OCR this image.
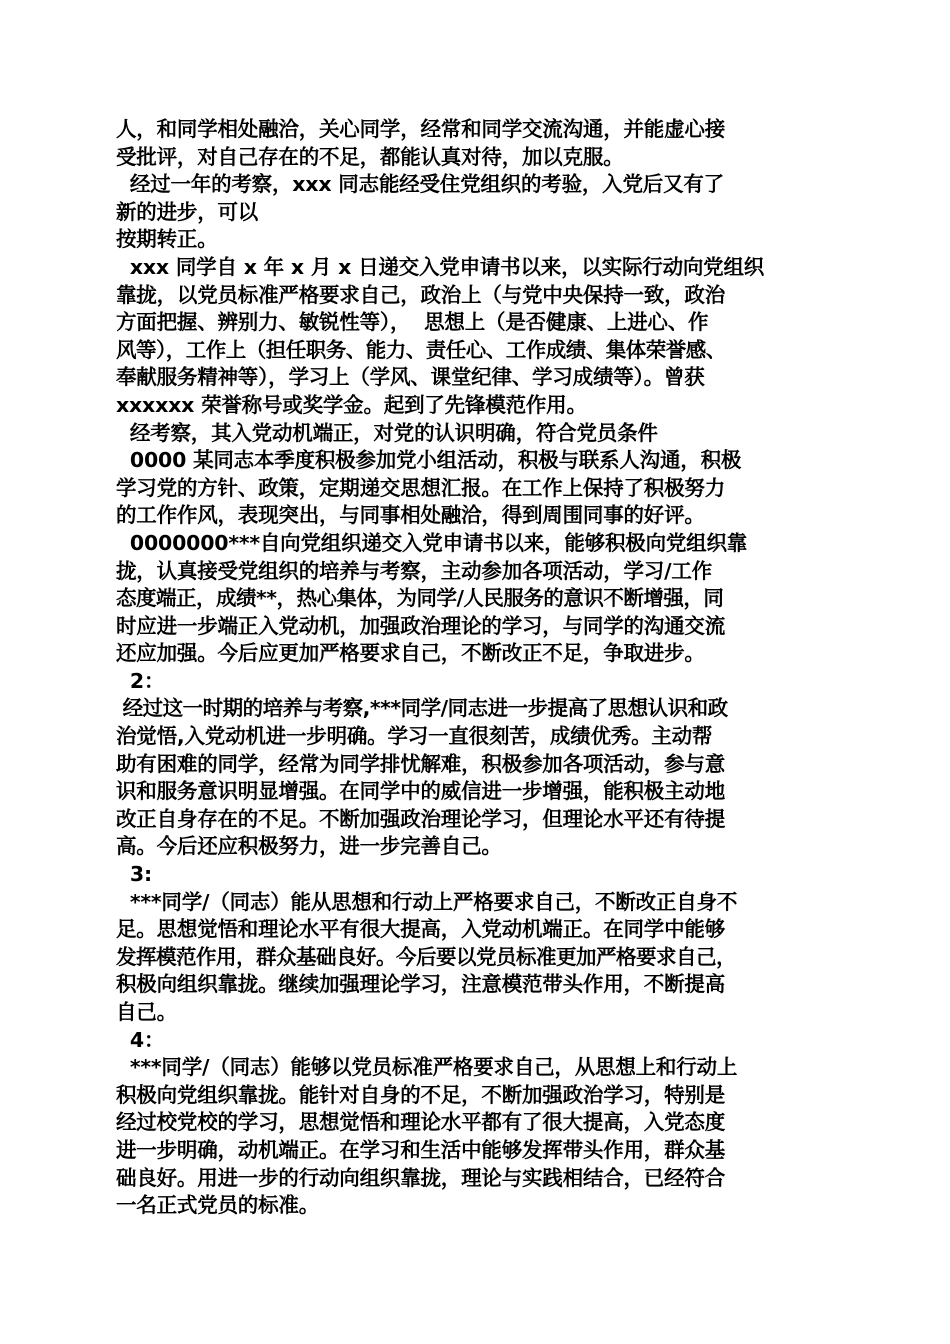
人，和同学相处融洽，关心同学，经常和同学交流沟通，并能虚心接
受批评，对自己存在的不足，都能认真对待，加以克服。
经过一年的考察，xxx 同志能经受住党组织的考验，入党后又有了
新的进步，可以
按期转正。
xxx 同学自 x 年 x 月 x 日递交入党申请书以来，以实际行动向党组织
靠拢，以党员标准严格要求自己，政治上（与党中央保持一致，政治
方面把握、辨别力、敏锐性等），  思想上（是否健康、上进心、作
风等），工作上（担任职务、能力、责任心、工作成绩、集体荣誉感、
奉献服务精神等），学习上（学风、课堂纪律、学习成绩等）。曾获
xxxxxx 荣誉称号或奖学金。起到了先锋模范作用。
经考察，其入党动机端正，对党的认识明确，符合党员条件
0000 某同志本季度积极参加党小组活动，积极与联系人沟通，积极
学习党的方针、政策，定期递交思想汇报。在工作上保持了积极努力
的工作作风，表现突出，与同事相处融洽，得到周围同事的好评。
0000000***自向党组织递交入党申请书以来，能够积极向党组织靠
拢，认真接受党组织的培养与考察，主动参加各项活动，学习/工作
态度端正，成绩**，热心集体，为同学/人民服务的意识不断增强，同
时应进一步端正入党动机，加强政治理论的学习，与同学的沟通交流
还应加强。今后应更加严格要求自己，不断改正不足，争取进步。
2：
经过这一时期的培养与考察,***同学/同志进一步提高了思想认识和政
治觉悟,入党动机进一步明确。学习一直很刻苦，成绩优秀。主动帮
助有困难的同学，经常为同学排忧解难，积极参加各项活动，参与意
识和服务意识明显增强。在同学中的威信进一步增强，能积极主动地
改正自身存在的不足。不断加强政治理论学习，但理论水平还有待提
高。今后还应积极努力，进一步完善自己。
3:
***同学/（同志）能从思想和行动上严格要求自己，不断改正自身不
足。思想觉悟和理论水平有很大提高，入党动机端正。在同学中能够
发挥模范作用，群众基础良好。今后要以党员标准更加严格要求自己，
积极向组织靠拢。继续加强理论学习，注意模范带头作用，不断提高
自己。
4：
***同学/（同志）能够以党员标准严格要求自己，从思想上和行动上
积极向党组织靠拢。能针对自身的不足，不断加强政治学习，特别是
经过校党校的学习，思想觉悟和理论水平都有了很大提高，入党态度
进一步明确，动机端正。在学习和生活中能够发挥带头作用，群众基
础良好。用进一步的行动向组织靠拢，理论与实践相结合，已经符合
一名正式党员的标准。
